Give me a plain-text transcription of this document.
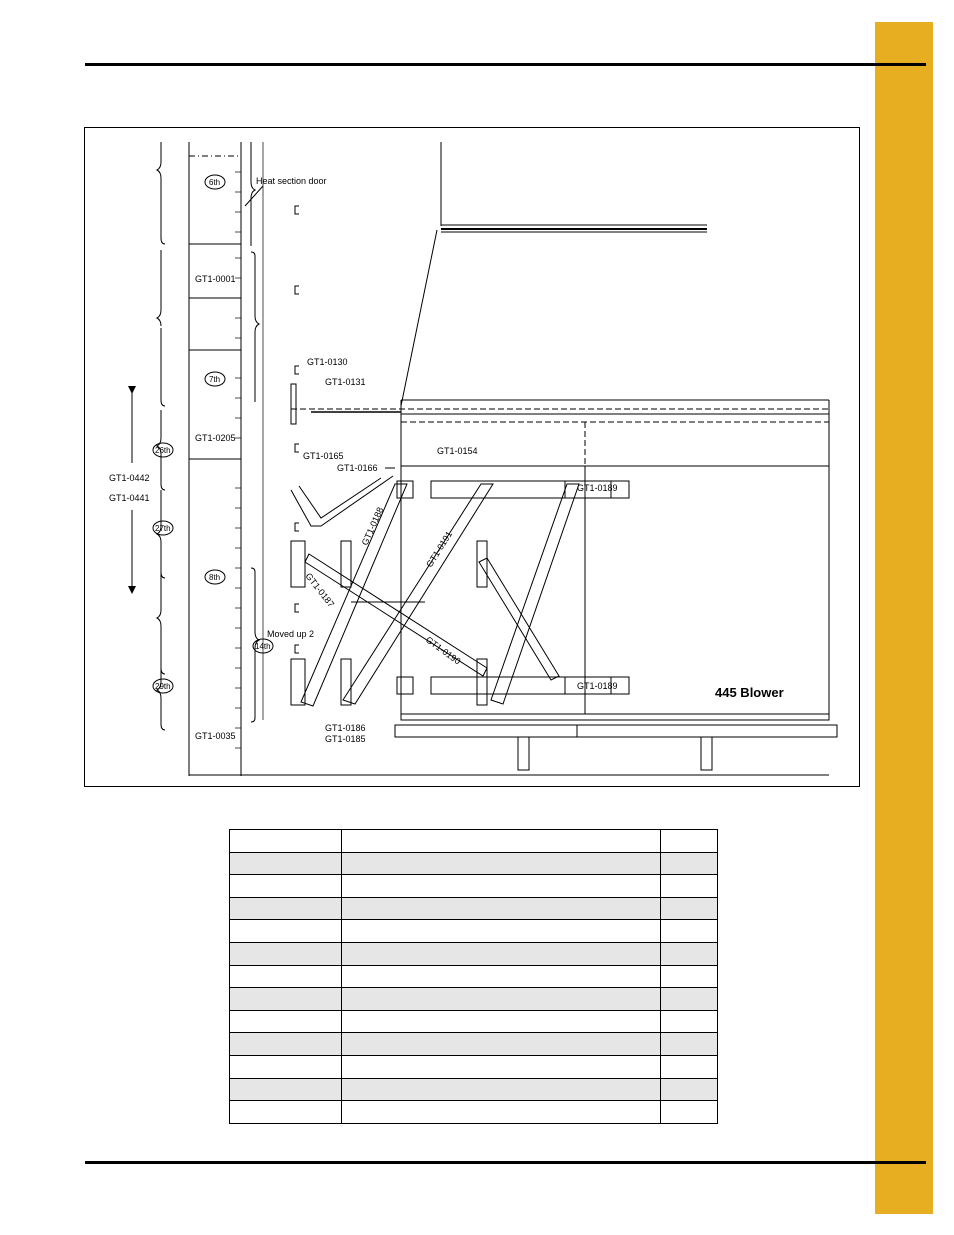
Heat section door
6th
7th
8th
26th
27th
29th
14th
GT1-0001
GT1-0205
GT1-0035
GT1-0442
GT1-0441
GT1-0130
GT1-0131
GT1-0165
GT1-0166
GT1-0154
GT1-0189
GT1-0189
GT1-0188
GT1-0191
GT1-0187
GT1-0190
GT1-0186
GT1-0185
Moved up 2
445 Blower
